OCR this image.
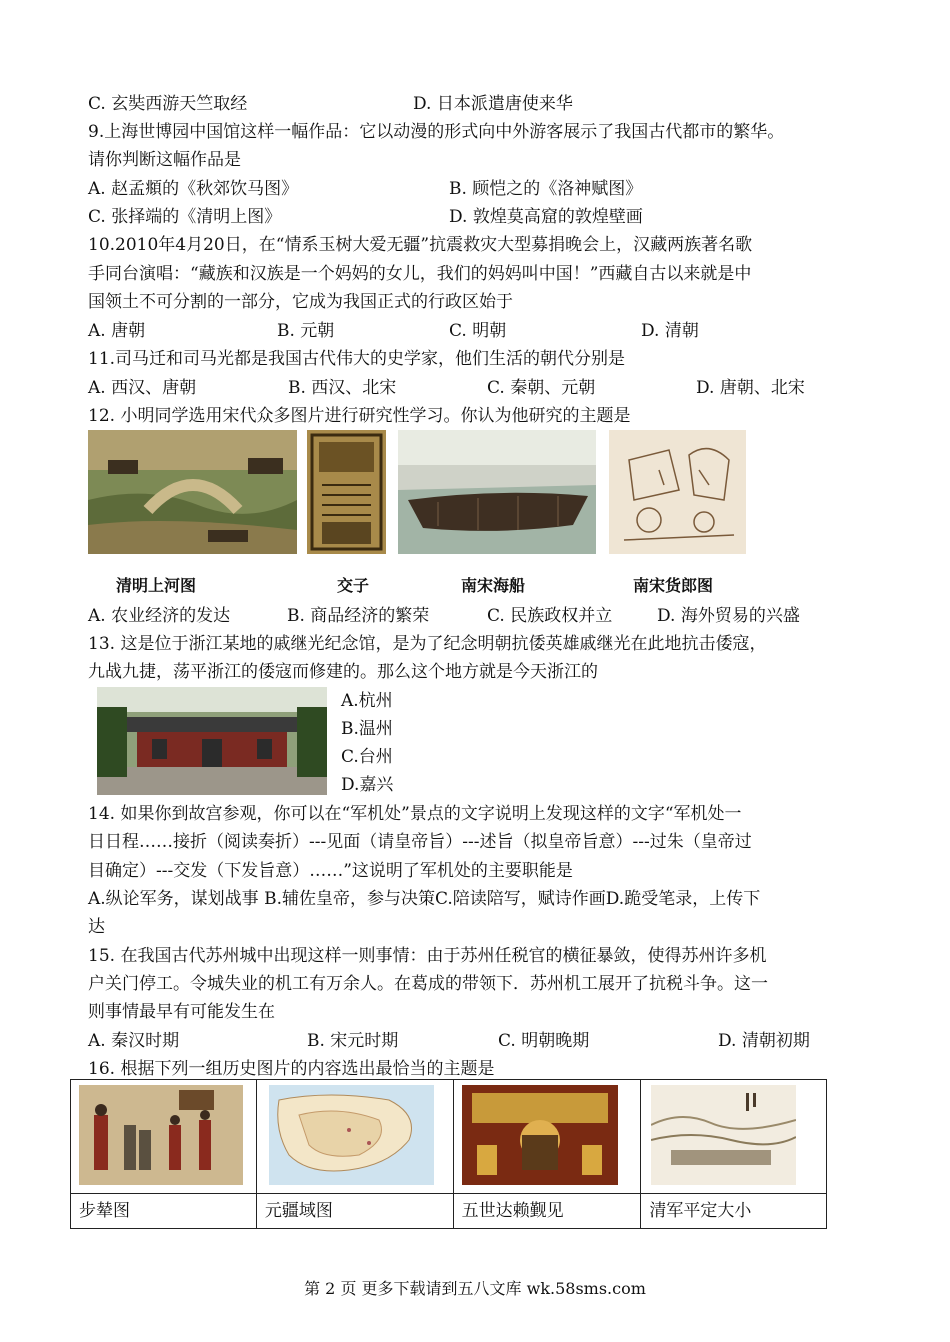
C. 玄奘西游天竺取经	D. 日本派遣唐使来华
9.上海世博园中国馆这样一幅作品：它以动漫的形式向中外游客展示了我国古代都市的繁华。
请你判断这幅作品是
A. 赵孟頫的《秋郊饮马图》	B. 顾恺之的《洛神赋图》
C. 张择端的《清明上图》	D. 敦煌莫高窟的敦煌壁画
10.2010年4月20日，在“情系玉树大爱无疆”抗震救灾大型募捐晚会上，汉藏两族著名歌
手同台演唱：“藏族和汉族是一个妈妈的女儿，我们的妈妈叫中国！”西藏自古以来就是中
国领土不可分割的一部分，它成为我国正式的行政区始于
A. 唐朝	B. 元朝	C. 明朝	D. 清朝
11.司马迁和司马光都是我国古代伟大的史学家，他们生活的朝代分别是
A. 西汉、唐朝	B. 西汉、北宋	C. 秦朝、元朝	D. 唐朝、北宋
12. 小明同学选用宋代众多图片进行研究性学习。你认为他研究的主题是
清明上河图	交子	南宋海船	南宋货郎图
A. 农业经济的发达	B. 商品经济的繁荣	C. 民族政权并立	D. 海外贸易的兴盛
13. 这是位于浙江某地的戚继光纪念馆，是为了纪念明朝抗倭英雄戚继光在此地抗击倭寇，
九战九捷，荡平浙江的倭寇而修建的。那么这个地方就是今天浙江的
A.杭州
B.温州
C.台州
D.嘉兴
14. 如果你到故宫参观，你可以在“军机处”景点的文字说明上发现这样的文字“军机处一
日日程……接折（阅读奏折）---见面（请皇帝旨）---述旨（拟皇帝旨意）---过朱（皇帝过
目确定）---交发（下发旨意）……”这说明了军机处的主要职能是
A.纵论军务，谋划战事 B.辅佐皇帝，参与决策C.陪读陪写，赋诗作画D.跪受笔录，上传下
达
15. 在我国古代苏州城中出现这样一则事情：由于苏州任税官的横征暴敛，使得苏州许多机
户关门停工。令城失业的机工有万余人。在葛成的带领下．苏州机工展开了抗税斗争。这一
则事情最早有可能发生在
A. 秦汉时期	B. 宋元时期	C. 明朝晚期	D. 清朝初期
16. 根据下列一组历史图片的内容选出最恰当的主题是

步辇图	元疆域图	五世达赖觐见	清军平定大小
第 2 页 更多下载请到五八文库 wk.58sms.com
